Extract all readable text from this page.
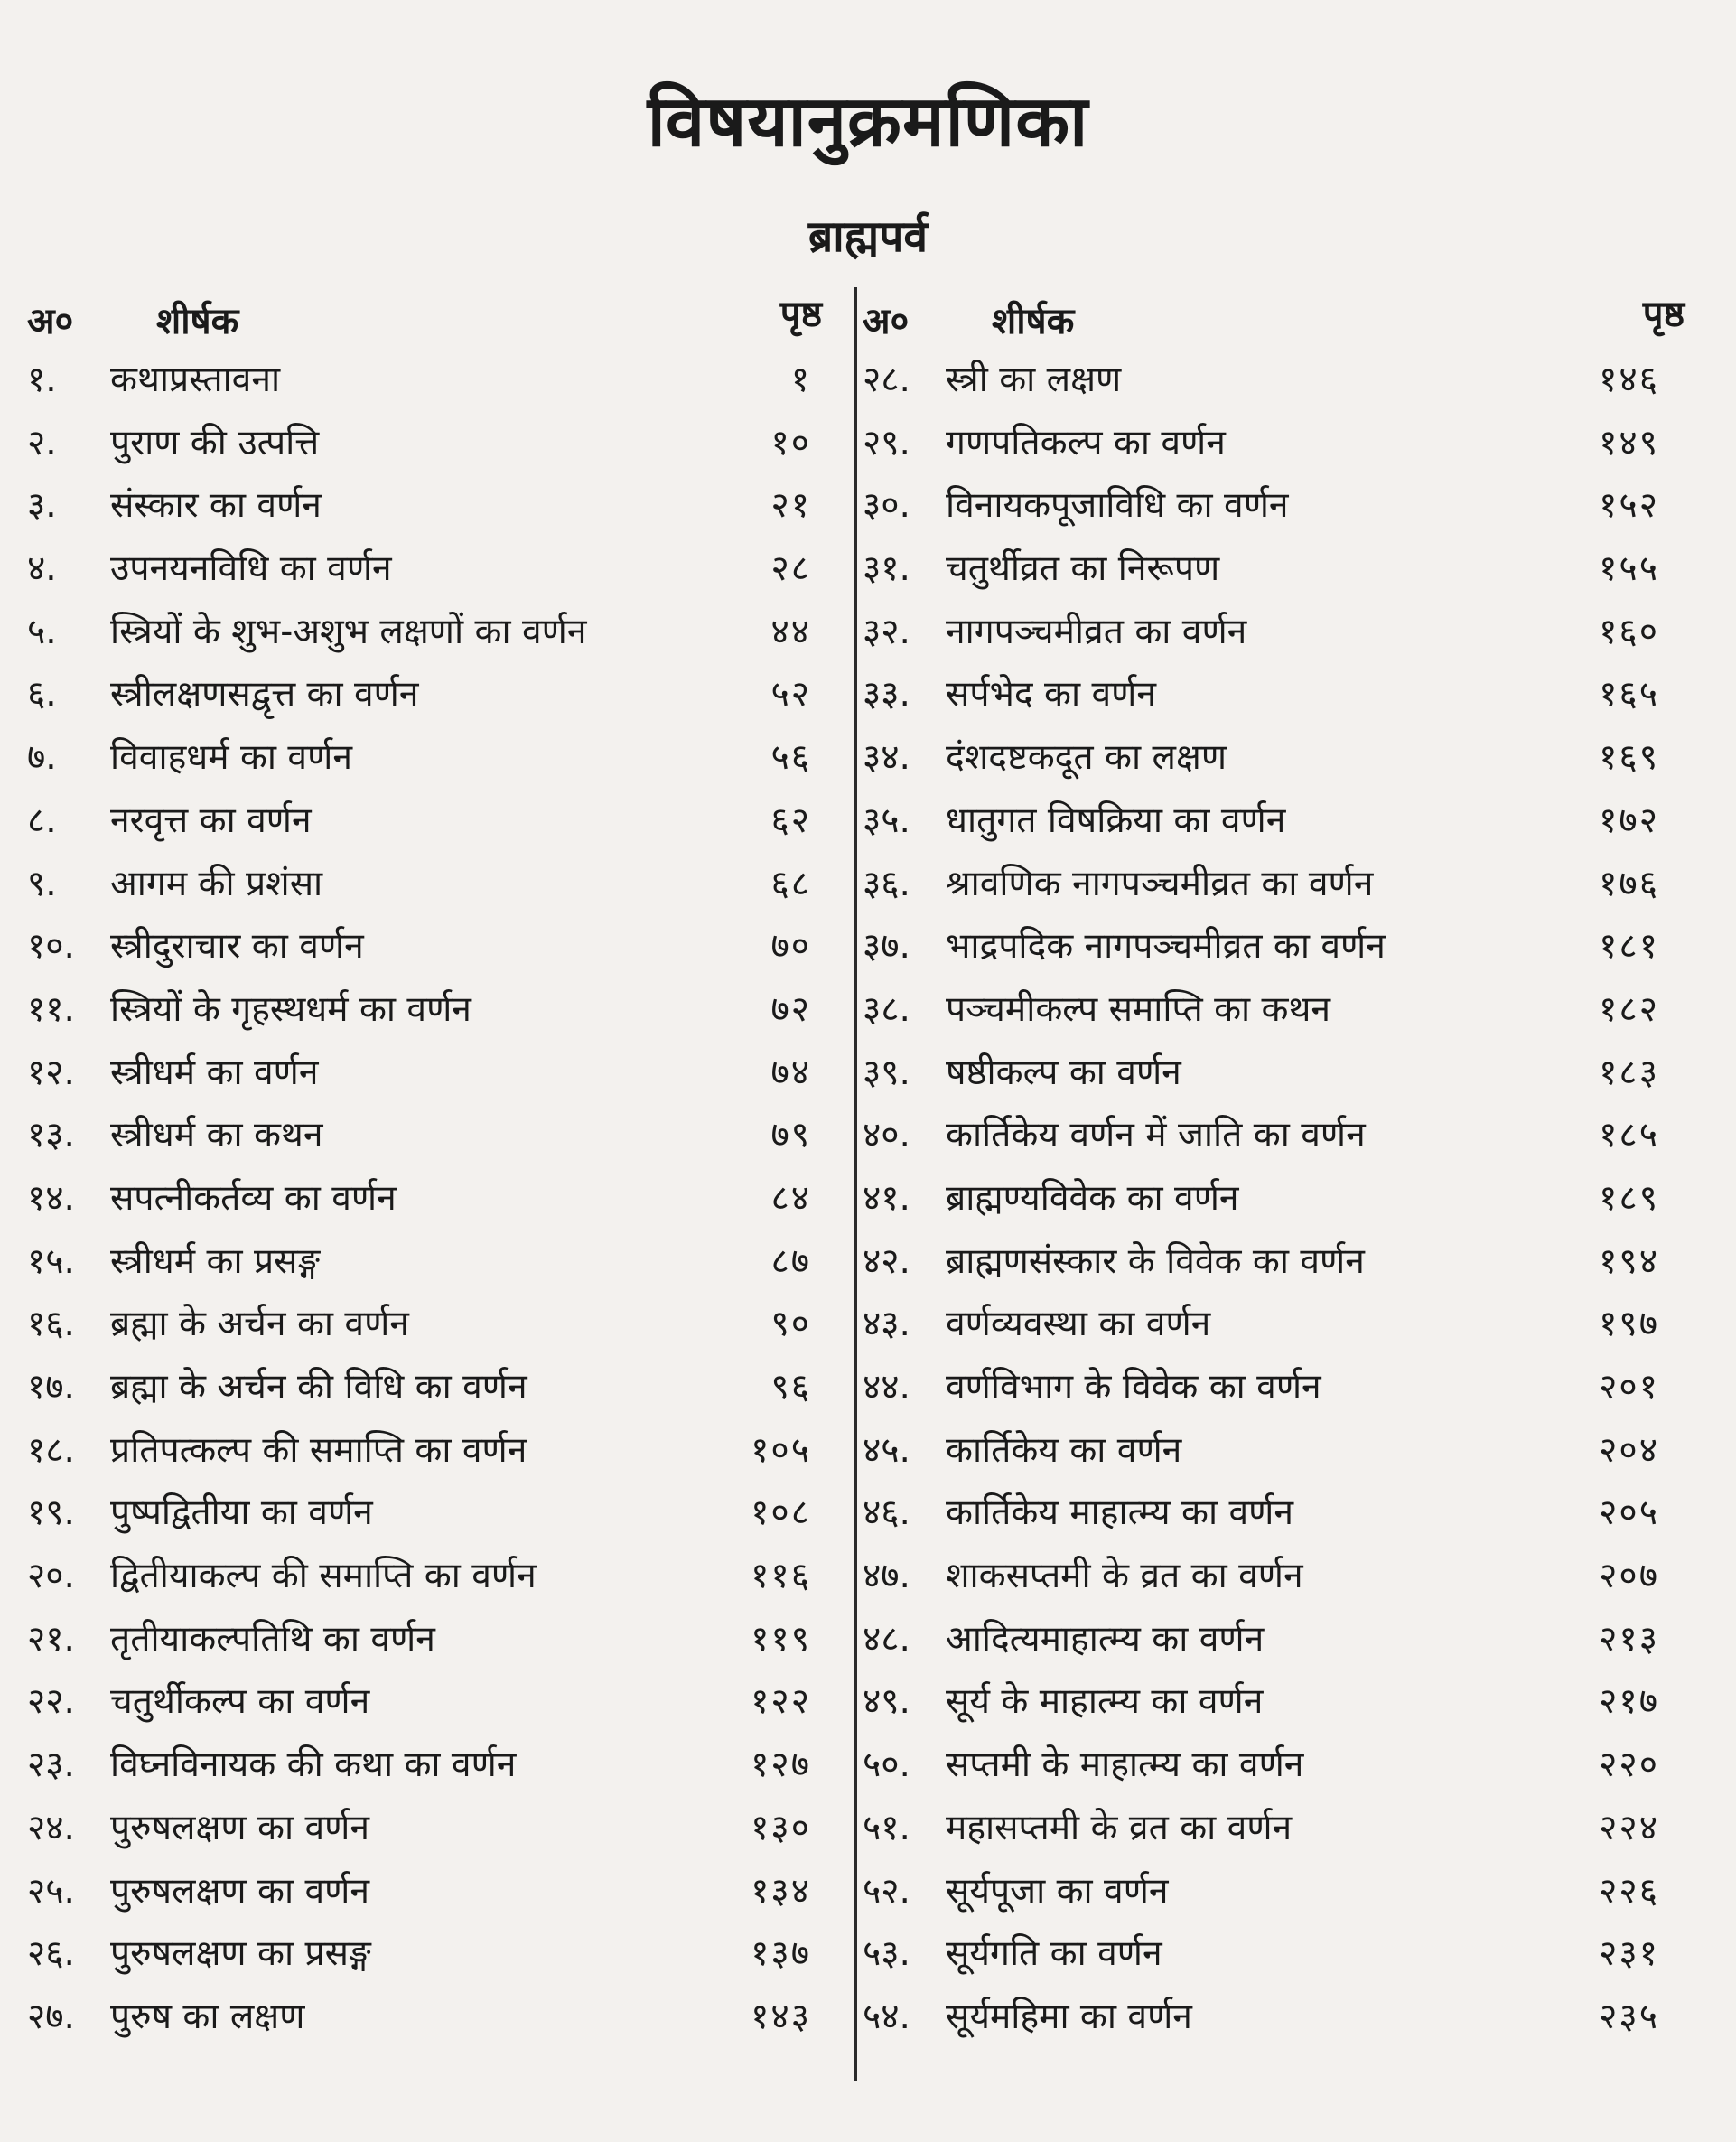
विषयानुक्रमणिका
ब्राह्मपर्व
अ० शीर्षक	पृष्ठ
१. कथाप्रस्तावना	१
२. पुराण की उत्पत्ति	१०
३. संस्कार का वर्णन	२१
४. उपनयनविधि का वर्णन	२८
५. स्त्रियों के शुभ-अशुभ लक्षणों का वर्णन	४४
६. स्त्रीलक्षणसद्वृत्त का वर्णन	५२
७. विवाहधर्म का वर्णन	५६
८. नरवृत्त का वर्णन	६२
९. आगम की प्रशंसा	६८
१०. स्त्रीदुराचार का वर्णन	७०
११. स्त्रियों के गृहस्थधर्म का वर्णन	७२
१२. स्त्रीधर्म का वर्णन	७४
१३. स्त्रीधर्म का कथन	७९
१४. सपत्नीकर्तव्य का वर्णन	८४
१५. स्त्रीधर्म का प्रसङ्ग	८७
१६. ब्रह्मा के अर्चन का वर्णन	९०
१७. ब्रह्मा के अर्चन की विधि का वर्णन	९६
१८. प्रतिपत्कल्प की समाप्ति का वर्णन	१०५
१९. पुष्पद्वितीया का वर्णन	१०८
२०. द्वितीयाकल्प की समाप्ति का वर्णन	११६
२१. तृतीयाकल्पतिथि का वर्णन	११९
२२. चतुर्थीकल्प का वर्णन	१२२
२३. विघ्नविनायक की कथा का वर्णन	१२७
२४. पुरुषलक्षण का वर्णन	१३०
२५. पुरुषलक्षण का वर्णन	१३४
२६. पुरुषलक्षण का प्रसङ्ग	१३७
२७. पुरुष का लक्षण	१४३
अ० शीर्षक	पृष्ठ
२८. स्त्री का लक्षण	१४६
२९. गणपतिकल्प का वर्णन	१४९
३०. विनायकपूजाविधि का वर्णन	१५२
३१. चतुर्थीव्रत का निरूपण	१५५
३२. नागपञ्चमीव्रत का वर्णन	१६०
३३. सर्पभेद का वर्णन	१६५
३४. दंशदष्टकदूत का लक्षण	१६९
३५. धातुगत विषक्रिया का वर्णन	१७२
३६. श्रावणिक नागपञ्चमीव्रत का वर्णन	१७६
३७. भाद्रपदिक नागपञ्चमीव्रत का वर्णन	१८१
३८. पञ्चमीकल्प समाप्ति का कथन	१८२
३९. षष्ठीकल्प का वर्णन	१८३
४०. कार्तिकेय वर्णन में जाति का वर्णन	१८५
४१. ब्राह्मण्यविवेक का वर्णन	१८९
४२. ब्राह्मणसंस्कार के विवेक का वर्णन	१९४
४३. वर्णव्यवस्था का वर्णन	१९७
४४. वर्णविभाग के विवेक का वर्णन	२०१
४५. कार्तिकेय का वर्णन	२०४
४६. कार्तिकेय माहात्म्य का वर्णन	२०५
४७. शाकसप्तमी के व्रत का वर्णन	२०७
४८. आदित्यमाहात्म्य का वर्णन	२१३
४९. सूर्य के माहात्म्य का वर्णन	२१७
५०. सप्तमी के माहात्म्य का वर्णन	२२०
५१. महासप्तमी के व्रत का वर्णन	२२४
५२. सूर्यपूजा का वर्णन	२२६
५३. सूर्यगति का वर्णन	२३१
५४. सूर्यमहिमा का वर्णन	२३५
